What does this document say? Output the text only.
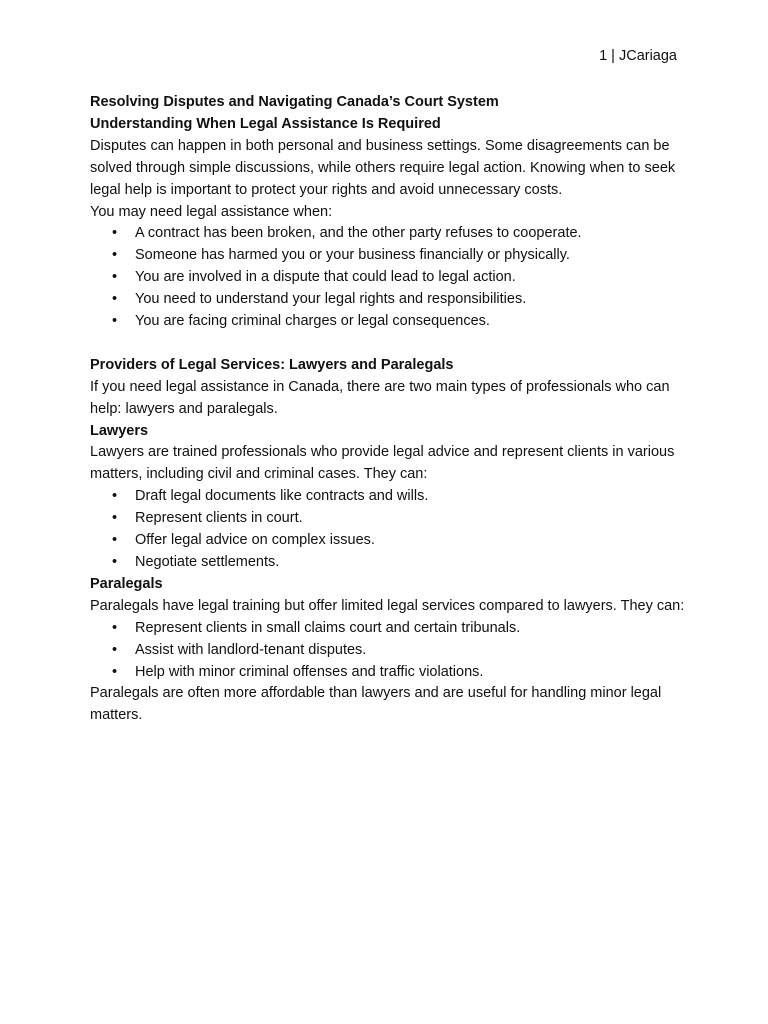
1 | JCariaga

Resolving Disputes and Navigating Canada’s Court System

Understanding When Legal Assistance Is Required

Disputes can happen in both personal and business settings. Some disagreements can be solved through simple discussions, while others require legal action. Knowing when to seek legal help is important to protect your rights and avoid unnecessary costs.

You may need legal assistance when:

• A contract has been broken, and the other party refuses to cooperate.
• Someone has harmed you or your business financially or physically.
• You are involved in a dispute that could lead to legal action.
• You need to understand your legal rights and responsibilities.
• You are facing criminal charges or legal consequences.

Providers of Legal Services: Lawyers and Paralegals

If you need legal assistance in Canada, there are two main types of professionals who can help: lawyers and paralegals.

Lawyers

Lawyers are trained professionals who provide legal advice and represent clients in various matters, including civil and criminal cases. They can:

• Draft legal documents like contracts and wills.
• Represent clients in court.
• Offer legal advice on complex issues.
• Negotiate settlements.

Paralegals

Paralegals have legal training but offer limited legal services compared to lawyers. They can:

• Represent clients in small claims court and certain tribunals.
• Assist with landlord-tenant disputes.
• Help with minor criminal offenses and traffic violations.

Paralegals are often more affordable than lawyers and are useful for handling minor legal matters.
